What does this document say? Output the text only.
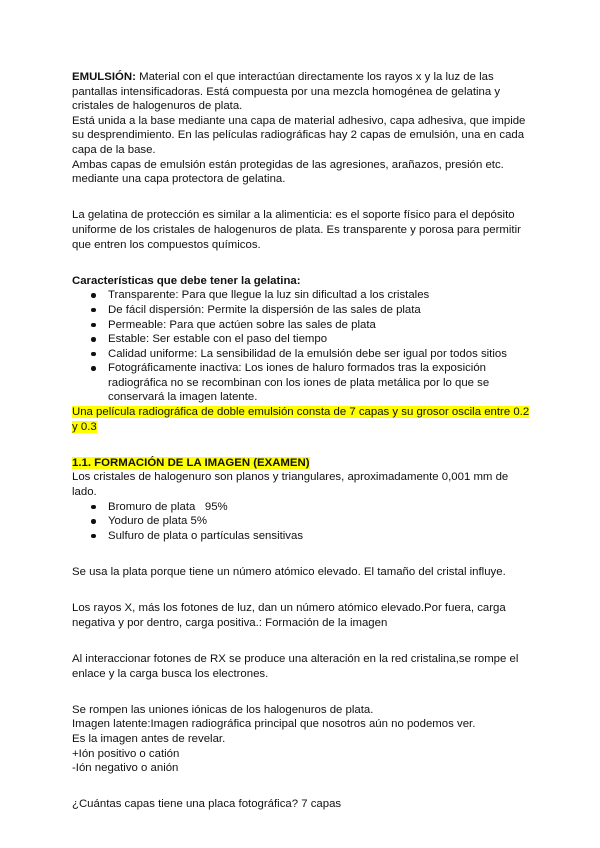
EMULSIÓN: Material con el que interactúan directamente los rayos x y la luz de las pantallas intensificadoras. Está compuesta por una mezcla homogénea de gelatina y cristales de halogenuros de plata.

Está unida a la base mediante una capa de material adhesivo, capa adhesiva, que impide su desprendimiento. En las películas radiográficas hay 2 capas de emulsión, una en cada capa de la base.

Ambas capas de emulsión están protegidas de las agresiones, arañazos, presión etc. mediante una capa protectora de gelatina.

La gelatina de protección es similar a la alimenticia: es el soporte físico para el depósito uniforme de los cristales de halogenuros de plata. Es transparente y porosa para permitir que entren los compuestos químicos.

Características que debe tener la gelatina:

Transparente: Para que llegue la luz sin dificultad a los cristales
De fácil dispersión: Permite la dispersión de las sales de plata
Permeable: Para que actúen sobre las sales de plata
Estable: Ser estable con el paso del tiempo
Calidad uniforme: La sensibilidad de la emulsión debe ser igual por todos sitios
Fotográficamente inactiva: Los iones de haluro formados tras la exposición radiográfica no se recombinan con los iones de plata metálica por lo que se conservará la imagen latente.

Una película radiográfica de doble emulsión consta de 7 capas y su grosor oscila entre 0.2 y 0.3

1.1. FORMACIÓN DE LA IMAGEN (EXAMEN)

Los cristales de halogenuro son planos y triangulares, aproximadamente 0,001 mm de lado.

Bromuro de plata   95%
Yoduro de plata 5%
Sulfuro de plata o partículas sensitivas

Se usa la plata porque tiene un número atómico elevado. El tamaño del cristal influye.

Los rayos X, más los fotones de luz, dan un número atómico elevado.Por fuera, carga negativa y por dentro, carga positiva.: Formación de la imagen

Al interaccionar fotones de RX se produce una alteración en la red cristalina,se rompe el enlace y la carga busca los electrones.

Se rompen las uniones iónicas de los halogenuros de plata.

Imagen latente:Imagen radiográfica principal que nosotros aún no podemos ver.

Es la imagen antes de revelar.

+Ión positivo o catión

-Ión negativo o anión

¿Cuántas capas tiene una placa fotográfica? 7 capas
